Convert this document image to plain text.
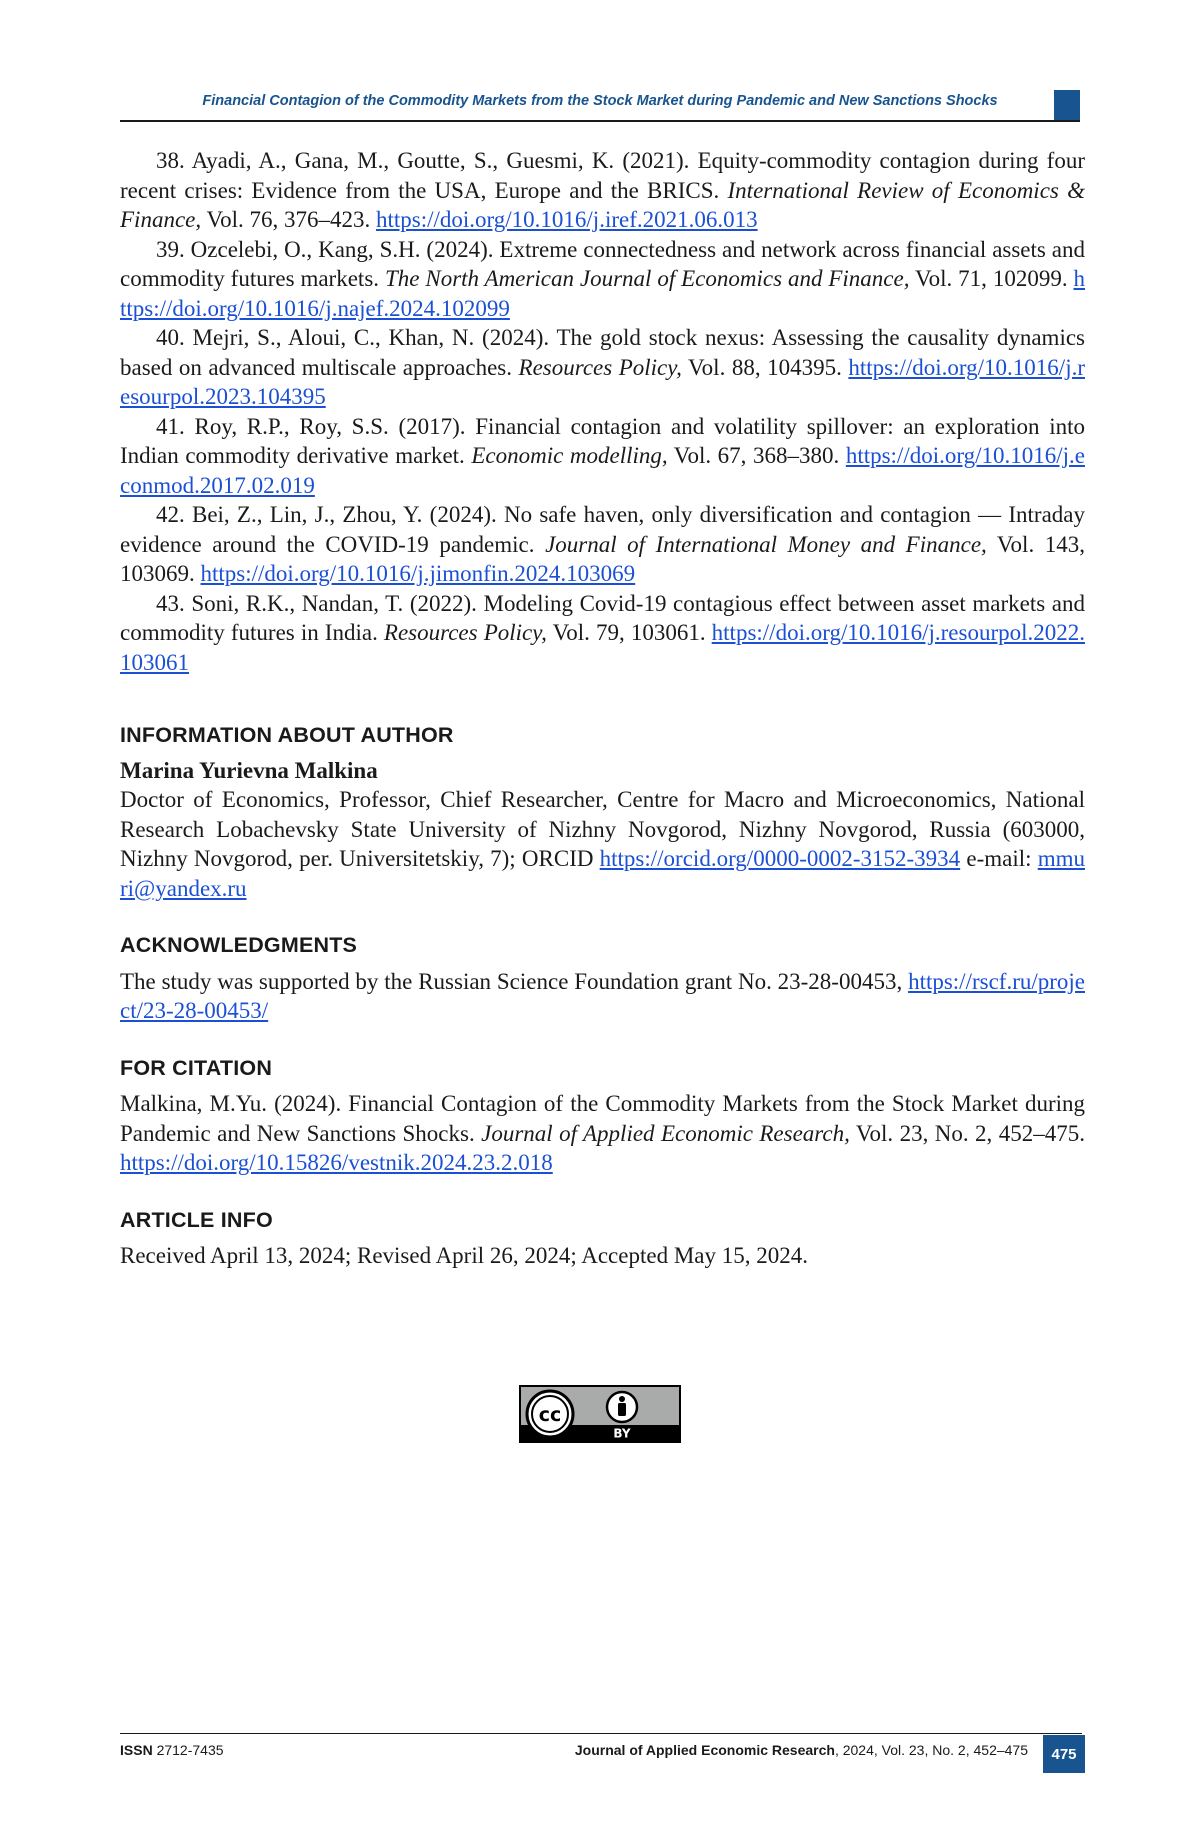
Financial Contagion of the Commodity Markets from the Stock Market during Pandemic and New Sanctions Shocks

38. Ayadi, A., Gana, M., Goutte, S., Guesmi, K. (2021). Equity-commodity contagion during four recent crises: Evidence from the USA, Europe and the BRICS. International Review of Economics & Finance, Vol. 76, 376–423. https://doi.org/10.1016/j.iref.2021.06.013

39. Ozcelebi, O., Kang, S.H. (2024). Extreme connectedness and network across financial assets and commodity futures markets. The North American Journal of Economics and Finance, Vol. 71, 102099. https://doi.org/10.1016/j.najef.2024.102099

40. Mejri, S., Aloui, C., Khan, N. (2024). The gold stock nexus: Assessing the causality dynamics based on advanced multiscale approaches. Resources Policy, Vol. 88, 104395. https://doi.org/10.1016/j.resourpol.2023.104395

41. Roy, R.P., Roy, S.S. (2017). Financial contagion and volatility spillover: an exploration into Indian commodity derivative market. Economic modelling, Vol. 67, 368–380. https://doi.org/10.1016/j.econmod.2017.02.019

42. Bei, Z., Lin, J., Zhou, Y. (2024). No safe haven, only diversification and contagion — Intraday evidence around the COVID-19 pandemic. Journal of International Money and Finance, Vol. 143, 103069. https://doi.org/10.1016/j.jimonfin.2024.103069

43. Soni, R.K., Nandan, T. (2022). Modeling Covid-19 contagious effect between asset markets and commodity futures in India. Resources Policy, Vol. 79, 103061. https://doi.org/10.1016/j.resourpol.2022.103061

INFORMATION ABOUT AUTHOR

Marina Yurievna Malkina

Doctor of Economics, Professor, Chief Researcher, Centre for Macro and Microeconomics, National Research Lobachevsky State University of Nizhny Novgorod, Nizhny Novgorod, Russia (603000, Nizhny Novgorod, per. Universitetskiy, 7); ORCID https://orcid.org/0000-0002-3152-3934 e-mail: mmuri@yandex.ru

ACKNOWLEDGMENTS

The study was supported by the Russian Science Foundation grant No. 23-28-00453, https://rscf.ru/project/23-28-00453/

FOR CITATION

Malkina, M.Yu. (2024). Financial Contagion of the Commodity Markets from the Stock Market during Pandemic and New Sanctions Shocks. Journal of Applied Economic Research, Vol. 23, No. 2, 452–475. https://doi.org/10.15826/vestnik.2024.23.2.018

ARTICLE INFO

Received April 13, 2024; Revised April 26, 2024; Accepted May 15, 2024.

cc
BY
ISSN 2712-7435	Journal of Applied Economic Research, 2024, Vol. 23, No. 2, 452–475	475
